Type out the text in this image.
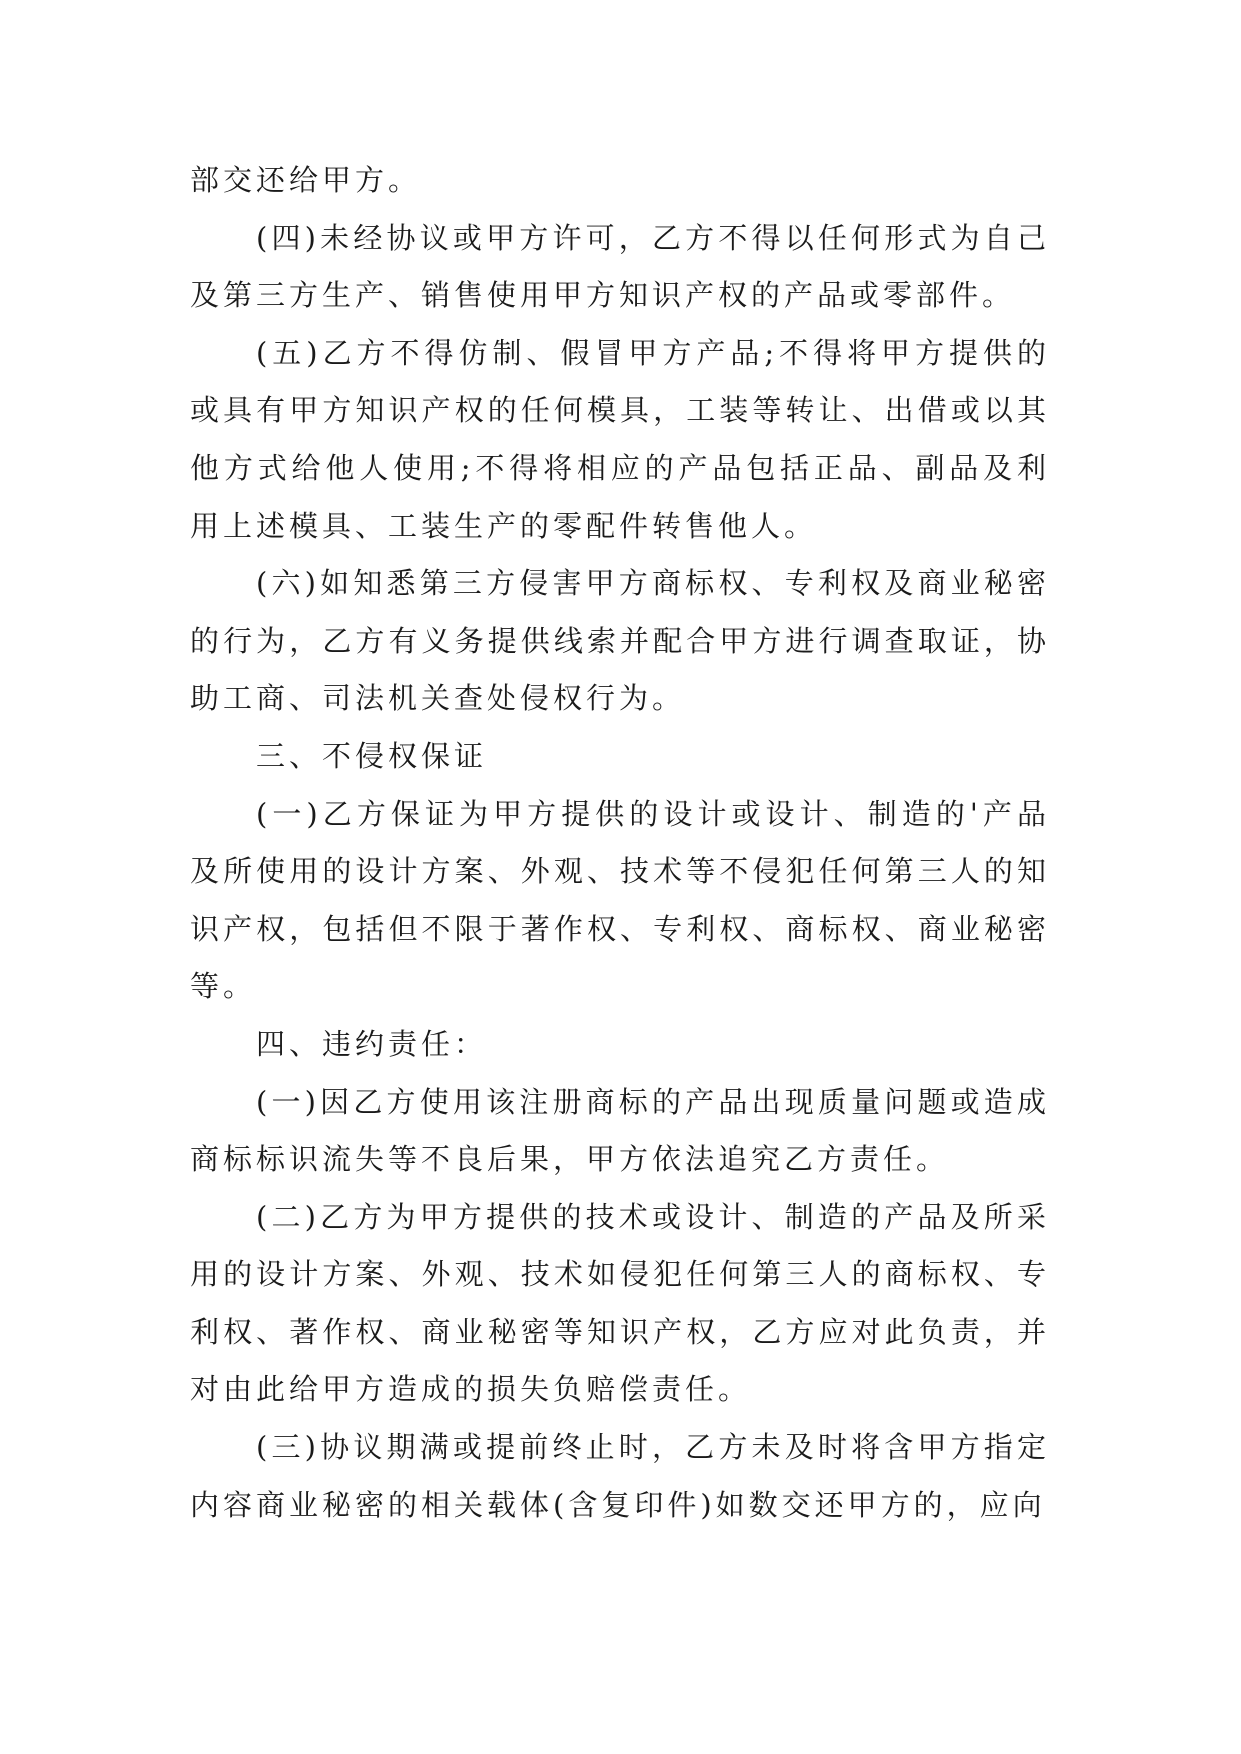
部交还给甲方。

(四)未经协议或甲方许可，乙方不得以任何形式为自己及第三方生产、销售使用甲方知识产权的产品或零部件。

(五)乙方不得仿制、假冒甲方产品;不得将甲方提供的或具有甲方知识产权的任何模具，工装等转让、出借或以其他方式给他人使用;不得将相应的产品包括正品、副品及利用上述模具、工装生产的零配件转售他人。

(六)如知悉第三方侵害甲方商标权、专利权及商业秘密的行为，乙方有义务提供线索并配合甲方进行调查取证，协助工商、司法机关查处侵权行为。

三、不侵权保证

(一)乙方保证为甲方提供的设计或设计、制造的'产品及所使用的设计方案、外观、技术等不侵犯任何第三人的知识产权，包括但不限于著作权、专利权、商标权、商业秘密等。

四、违约责任：

(一)因乙方使用该注册商标的产品出现质量问题或造成商标标识流失等不良后果，甲方依法追究乙方责任。

(二)乙方为甲方提供的技术或设计、制造的产品及所采用的设计方案、外观、技术如侵犯任何第三人的商标权、专利权、著作权、商业秘密等知识产权，乙方应对此负责，并对由此给甲方造成的损失负赔偿责任。

(三)协议期满或提前终止时，乙方未及时将含甲方指定内容商业秘密的相关载体(含复印件)如数交还甲方的，应向
